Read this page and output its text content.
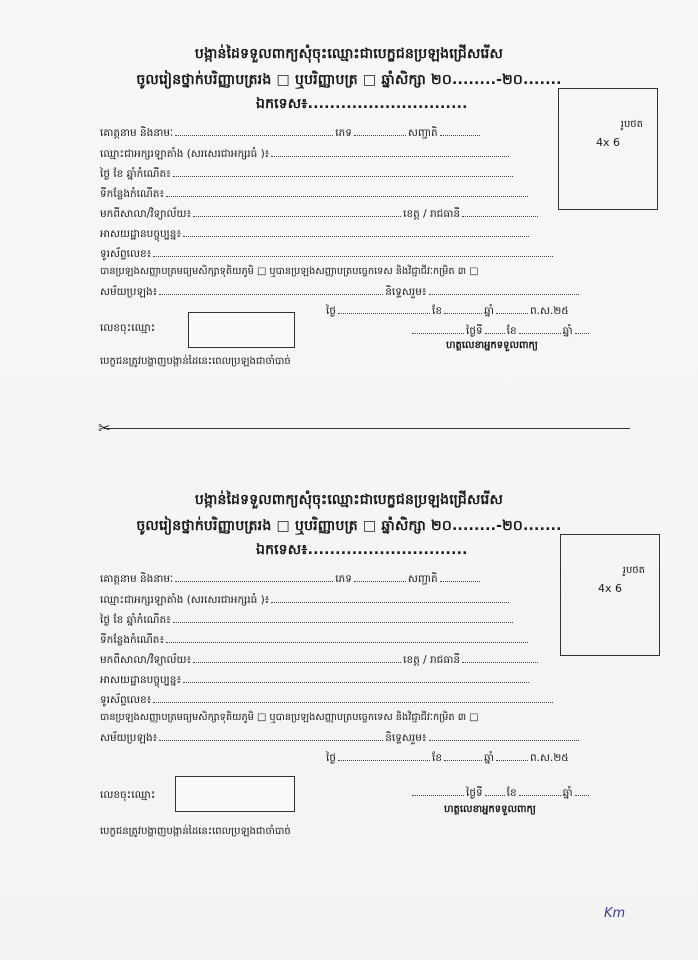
បង្កាន់ដៃទទួលពាក្យសុំចុះឈ្មោះជាបេក្ខជនប្រឡងជ្រើសរើស
ចូលរៀនថ្នាក់បរិញ្ញាបត្ររង □ ឬបរិញ្ញាបត្រ □ ឆ្នាំសិក្សា ២០........-២០.......
ឯកទេស៖.............................
រូបថត
4x 6
គោត្តនាម និងនាមៈ	ភេទ	សញ្ជាតិ
ឈ្មោះជាអក្សរឡាតាំង (សរសេរជាអក្សរធំ )៖
ថ្ងៃ ខែ ឆ្នាំកំណើត៖
ទីកន្លែងកំណើត៖
មកពីសាលា/វិទ្យាល័យ៖	ខេត្ត / រាជធានី
អាសយដ្ឋានបច្ចុប្បន្ន៖
ទូរស័ព្ទលេខ៖
បានប្រឡងសញ្ញាបត្រមធ្យមសិក្សាទុតិយភូមិ □ ឬបានប្រឡងសញ្ញាបត្របច្ចេកទេស និងវិជ្ជាជីវៈកម្រិត ៣ □
សម័យប្រឡង៖	និទ្ទេសរួម៖
ថ្ងៃ	ខែ	ឆ្នាំ	ព.ស.២៥
លេខចុះឈ្មោះ	ថ្ងៃទី ខែ	ឆ្នាំ
ហត្ថលេខាអ្នកទទួលពាក្យ
បេក្ខជនត្រូវបង្ហាញបង្កាន់ដៃនេះពេលប្រឡងជាចាំបាច់
✂
បង្កាន់ដៃទទួលពាក្យសុំចុះឈ្មោះជាបេក្ខជនប្រឡងជ្រើសរើស
ចូលរៀនថ្នាក់បរិញ្ញាបត្ររង □ ឬបរិញ្ញាបត្រ □ ឆ្នាំសិក្សា ២០........-២០.......
ឯកទេស៖.............................
រូបថត
4x 6
គោត្តនាម និងនាមៈ	ភេទ	សញ្ជាតិ
ឈ្មោះជាអក្សរឡាតាំង (សរសេរជាអក្សរធំ )៖
ថ្ងៃ ខែ ឆ្នាំកំណើត៖
ទីកន្លែងកំណើត៖
មកពីសាលា/វិទ្យាល័យ៖	ខេត្ត / រាជធានី
អាសយដ្ឋានបច្ចុប្បន្ន៖
ទូរស័ព្ទលេខ៖
បានប្រឡងសញ្ញាបត្រមធ្យមសិក្សាទុតិយភូមិ □ ឬបានប្រឡងសញ្ញាបត្របច្ចេកទេស និងវិជ្ជាជីវៈកម្រិត ៣ □
សម័យប្រឡង៖	និទ្ទេសរួម៖
ថ្ងៃ	ខែ	ឆ្នាំ	ព.ស.២៥
លេខចុះឈ្មោះ	ថ្ងៃទី ខែ	ឆ្នាំ
ហត្ថលេខាអ្នកទទួលពាក្យ
បេក្ខជនត្រូវបង្ហាញបង្កាន់ដៃនេះពេលប្រឡងជាចាំបាច់
Km
